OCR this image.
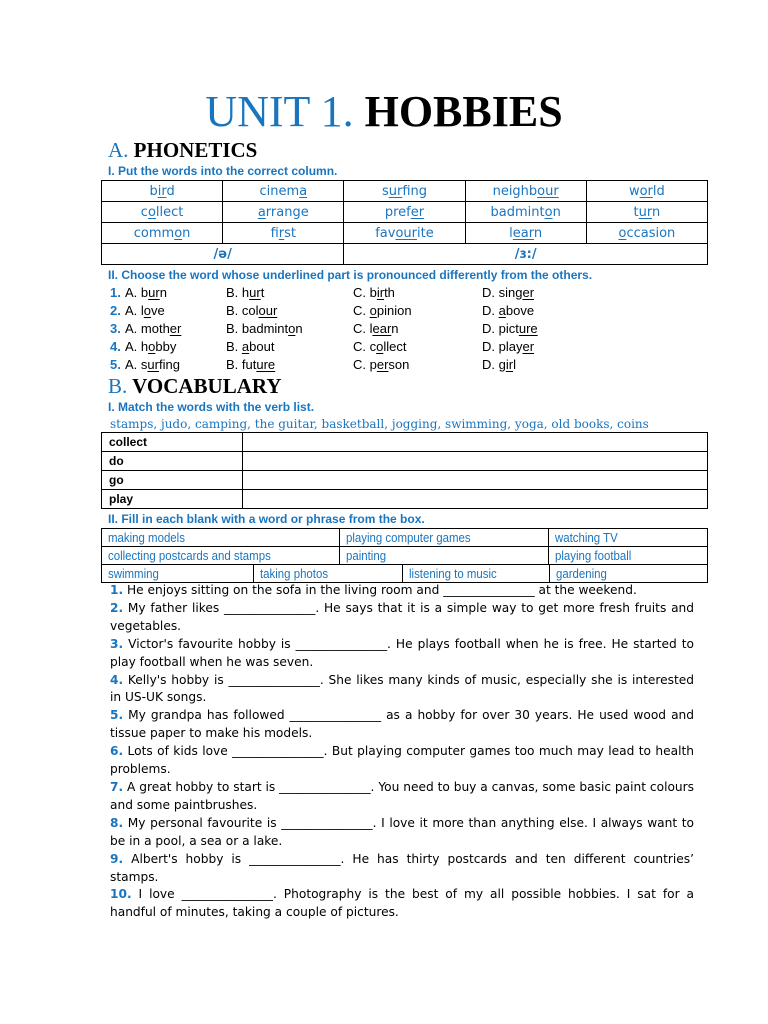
UNIT 1. HOBBIES
A. PHONETICS
I. Put the words into the correct column.
bird	cinema	surfing	neighbour	world
collect	arrange	prefer	badminton	turn
common	first	favourite	learn	occasion
/ə/		/ɜ:/		
II. Choose the word whose underlined part is pronounced differently from the others.
1. A. burn	B. hurt	C. birth	D. singer
2. A. love	B. colour	C. opinion	D. above
3. A. mother	B. badminton	C. learn	D. picture
4. A. hobby	B. about	C. collect	D. player
5. A. surfing	B. future	C. person	D. girl
B. VOCABULARY
I. Match the words with the verb list.
stamps, judo, camping, the guitar, basketball, jogging, swimming, yoga, old books, coins
collect	
do	
go	
play	
II. Fill in each blank with a word or phrase from the box.
making models	playing computer games	watching TV
collecting postcards and stamps	painting	playing football
swimming	taking photos	listening to music	gardening

1. He enjoys sitting on the sofa in the living room and _______________ at the weekend.

2. My father likes _______________. He says that it is a simple way to get more fresh fruits and vegetables.

3. Victor's favourite hobby is _______________. He plays football when he is free. He started to play football when he was seven.

4. Kelly's hobby is _______________. She likes many kinds of music, especially she is interested in US-UK songs.

5. My grandpa has followed _______________ as a hobby for over 30 years. He used wood and tissue paper to make his models.

6. Lots of kids love _______________. But playing computer games too much may lead to health problems.

7. A great hobby to start is _______________. You need to buy a canvas, some basic paint colours and some paintbrushes.

8. My personal favourite is _______________. I love it more than anything else. I always want to be in a pool, a sea or a lake.

9. Albert's hobby is _______________. He has thirty postcards and ten different countries’ stamps.

10. I love _______________. Photography is the best of my all possible hobbies. I sat for a handful of minutes, taking a couple of pictures.
